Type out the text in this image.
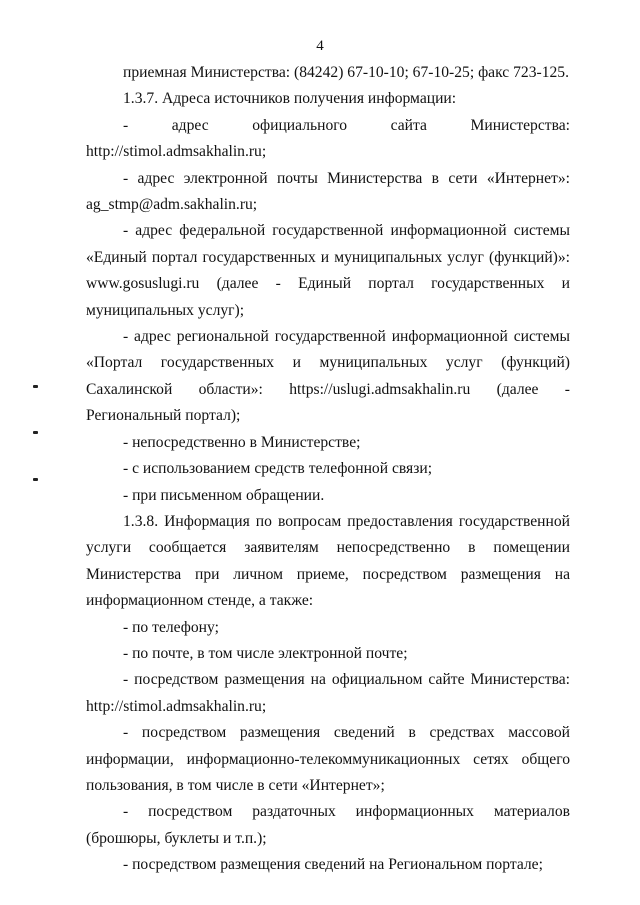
4

приемная Министерства: (84242) 67-10-10; 67-10-25; факс 723-125.

1.3.7. Адреса источников получения информации:

- адрес официального сайта Министерства: http://stimol.admsakhalin.ru;

- адрес электронной почты Министерства в сети «Интернет»: ag_stmp@adm.sakhalin.ru;

- адрес федеральной государственной информационной системы «Единый портал государственных и муниципальных услуг (функций)»: www.gosuslugi.ru (далее - Единый портал государственных и муниципальных услуг);

- адрес региональной государственной информационной системы «Портал государственных и муниципальных услуг (функций) Сахалинской области»: https://uslugi.admsakhalin.ru (далее - Региональный портал);

- непосредственно в Министерстве;

- с использованием средств телефонной связи;

- при письменном обращении.

1.3.8. Информация по вопросам предоставления государственной услуги сообщается заявителям непосредственно в помещении Министерства при личном приеме, посредством размещения на информационном стенде, а также:

- по телефону;

- по почте, в том числе электронной почте;

- посредством размещения на официальном сайте Министерства: http://stimol.admsakhalin.ru;

- посредством размещения сведений в средствах массовой информации, информационно-телекоммуникационных сетях общего пользования, в том числе в сети «Интернет»;

- посредством раздаточных информационных материалов (брошюры, буклеты и т.п.);

- посредством размещения сведений на Региональном портале;
